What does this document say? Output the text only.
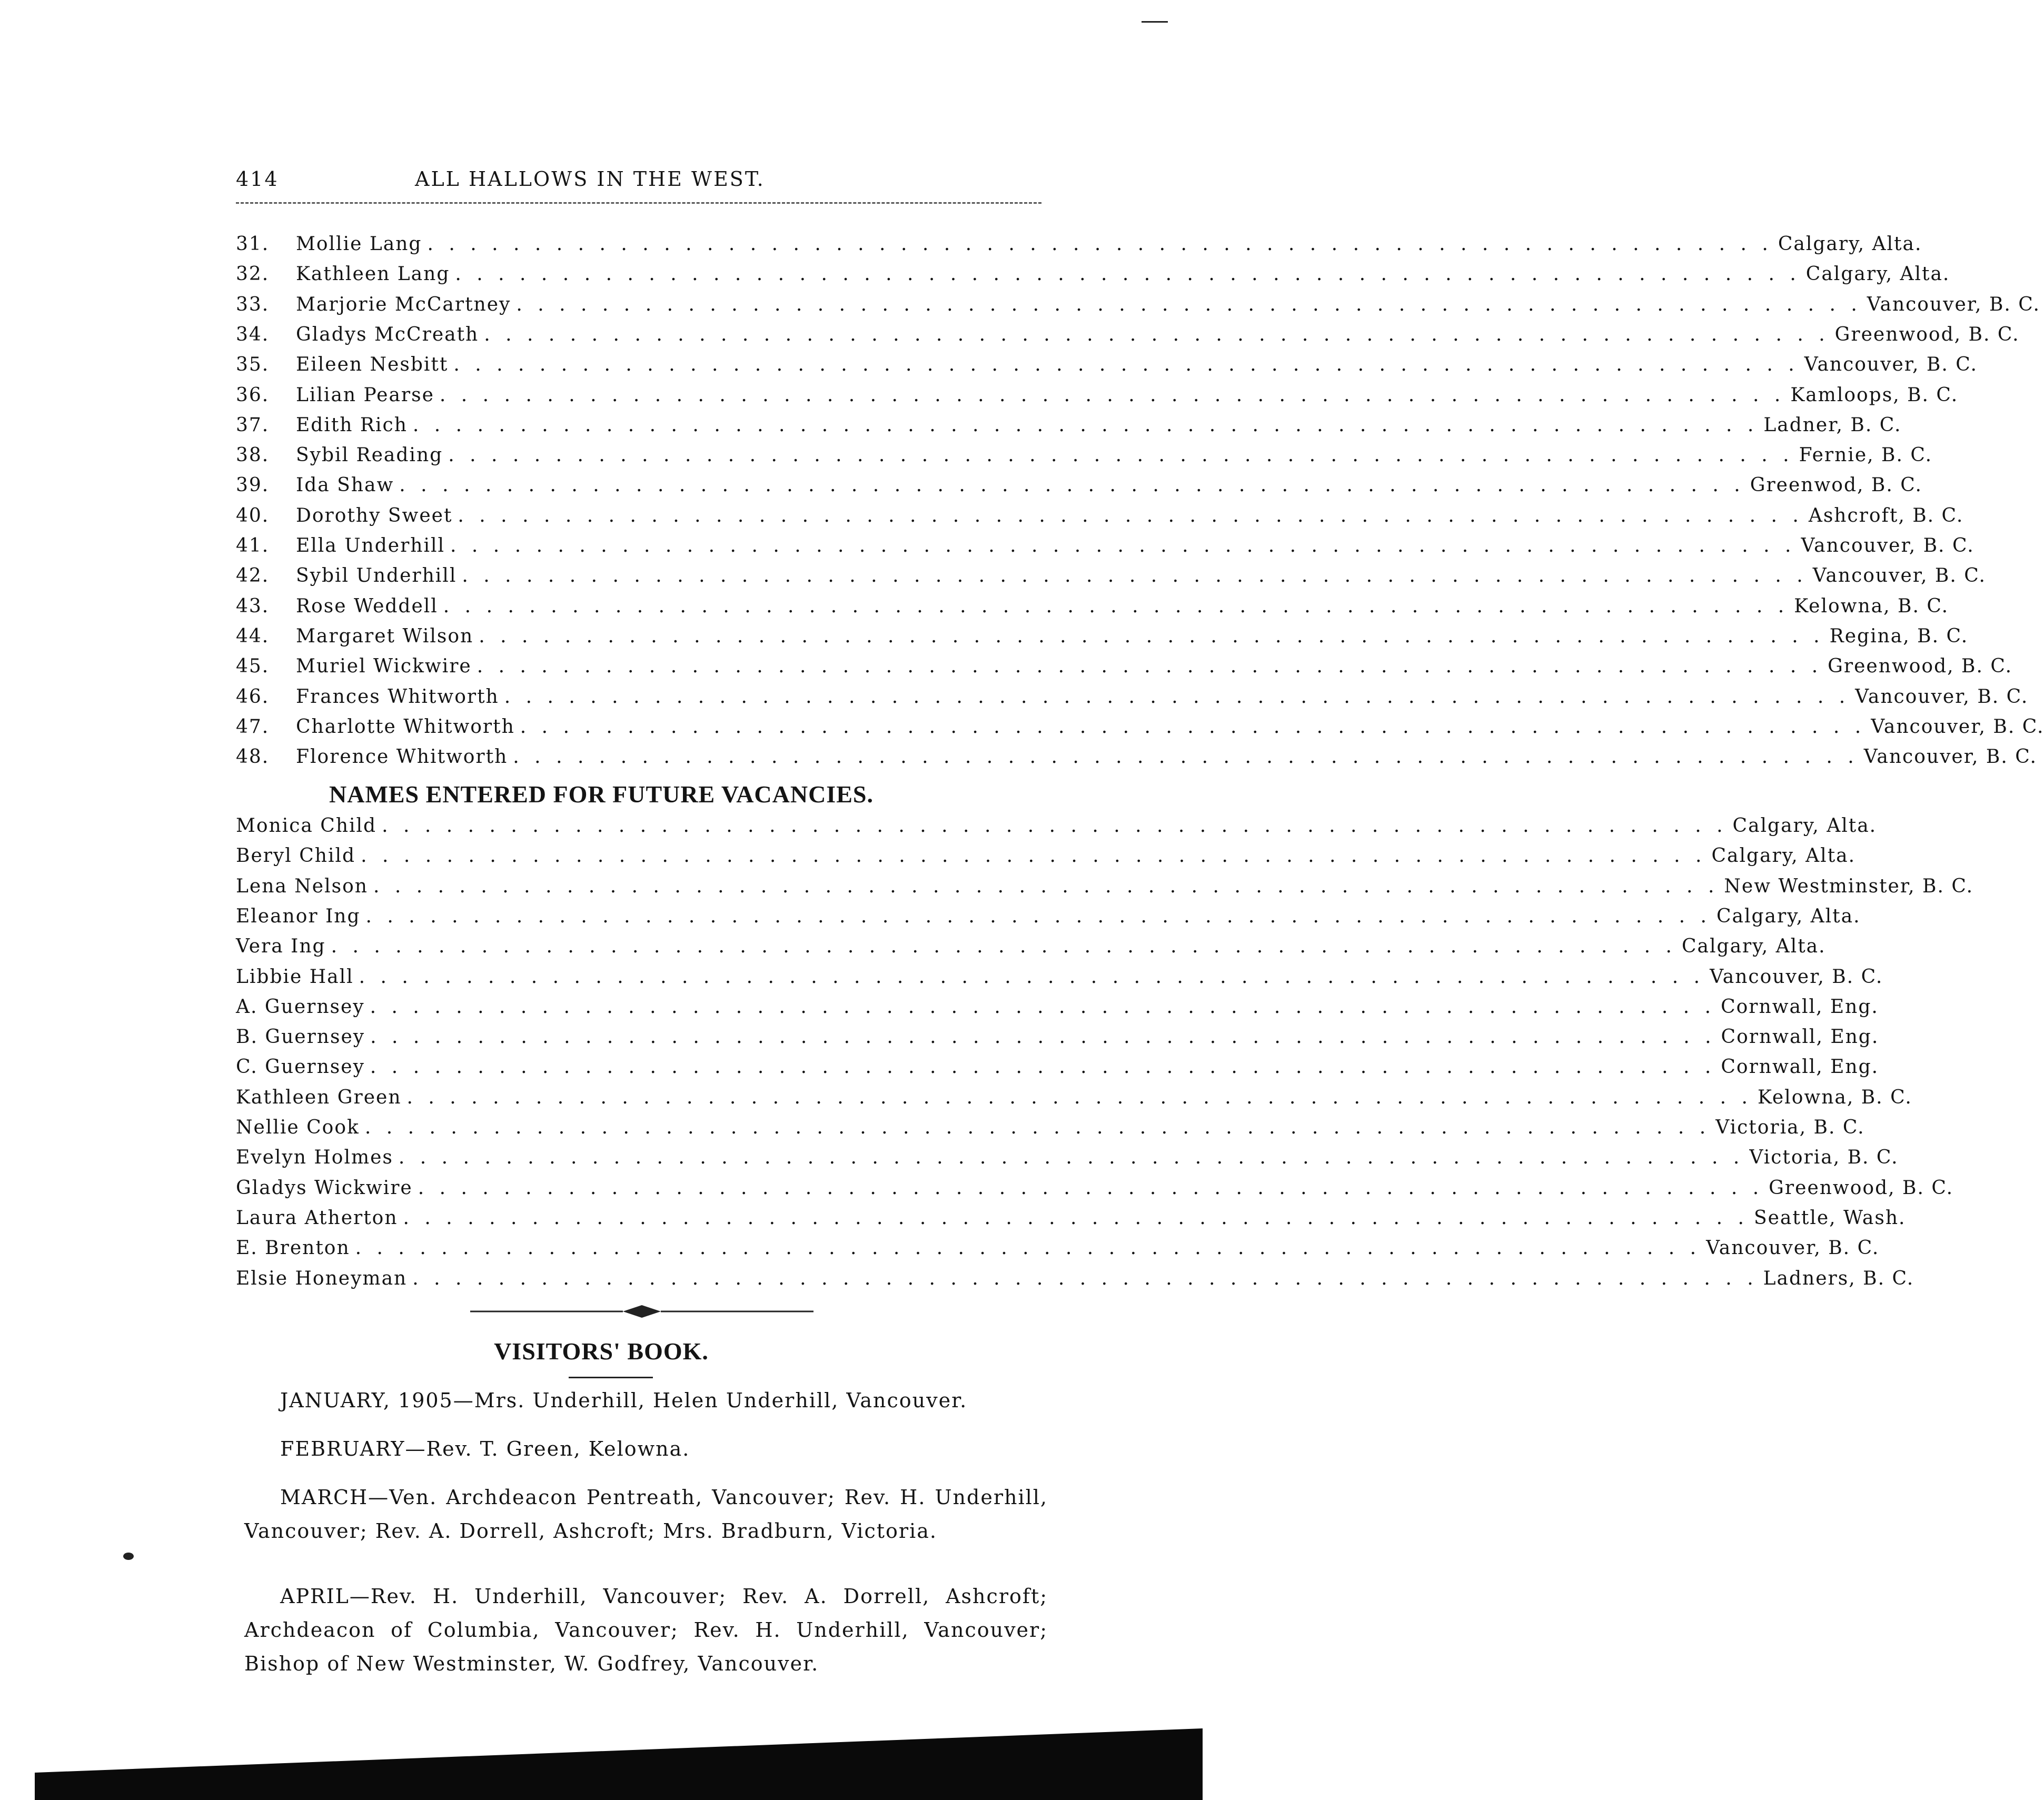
414	ALL HALLOWS IN THE WEST.
31.	Mollie Lang . . . . . . . . . . . . . . . . . . . . . . . . . . . . . . . . . . . . . . . . . . . . . . . . . . . . . . . . . . . . . . . Calgary, Alta.
32.	Kathleen Lang . . . . . . . . . . . . . . . . . . . . . . . . . . . . . . . . . . . . . . . . . . . . . . . . . . . . . . . . . . . . . . . Calgary, Alta.
33.	Marjorie McCartney . . . . . . . . . . . . . . . . . . . . . . . . . . . . . . . . . . . . . . . . . . . . . . . . . . . . . . . . . . . . . . . Vancouver, B. C.
34.	Gladys McCreath . . . . . . . . . . . . . . . . . . . . . . . . . . . . . . . . . . . . . . . . . . . . . . . . . . . . . . . . . . . . . . . Greenwood, B. C.
35.	Eileen Nesbitt . . . . . . . . . . . . . . . . . . . . . . . . . . . . . . . . . . . . . . . . . . . . . . . . . . . . . . . . . . . . . . . Vancouver, B. C.
36.	Lilian Pearse . . . . . . . . . . . . . . . . . . . . . . . . . . . . . . . . . . . . . . . . . . . . . . . . . . . . . . . . . . . . . . . Kamloops, B. C.
37.	Edith Rich . . . . . . . . . . . . . . . . . . . . . . . . . . . . . . . . . . . . . . . . . . . . . . . . . . . . . . . . . . . . . . . Ladner, B. C.
38.	Sybil Reading . . . . . . . . . . . . . . . . . . . . . . . . . . . . . . . . . . . . . . . . . . . . . . . . . . . . . . . . . . . . . . . Fernie, B. C.
39.	Ida Shaw . . . . . . . . . . . . . . . . . . . . . . . . . . . . . . . . . . . . . . . . . . . . . . . . . . . . . . . . . . . . . . . Greenwod, B. C.
40.	Dorothy Sweet . . . . . . . . . . . . . . . . . . . . . . . . . . . . . . . . . . . . . . . . . . . . . . . . . . . . . . . . . . . . . . . Ashcroft, B. C.
41.	Ella Underhill . . . . . . . . . . . . . . . . . . . . . . . . . . . . . . . . . . . . . . . . . . . . . . . . . . . . . . . . . . . . . . . Vancouver, B. C.
42.	Sybil Underhill . . . . . . . . . . . . . . . . . . . . . . . . . . . . . . . . . . . . . . . . . . . . . . . . . . . . . . . . . . . . . . . Vancouver, B. C.
43.	Rose Weddell . . . . . . . . . . . . . . . . . . . . . . . . . . . . . . . . . . . . . . . . . . . . . . . . . . . . . . . . . . . . . . . Kelowna, B. C.
44.	Margaret Wilson . . . . . . . . . . . . . . . . . . . . . . . . . . . . . . . . . . . . . . . . . . . . . . . . . . . . . . . . . . . . . . . Regina, B. C.
45.	Muriel Wickwire . . . . . . . . . . . . . . . . . . . . . . . . . . . . . . . . . . . . . . . . . . . . . . . . . . . . . . . . . . . . . . . Greenwood, B. C.
46.	Frances Whitworth . . . . . . . . . . . . . . . . . . . . . . . . . . . . . . . . . . . . . . . . . . . . . . . . . . . . . . . . . . . . . . . Vancouver, B. C.
47.	Charlotte Whitworth . . . . . . . . . . . . . . . . . . . . . . . . . . . . . . . . . . . . . . . . . . . . . . . . . . . . . . . . . . . . . . . Vancouver, B. C.
48.	Florence Whitworth . . . . . . . . . . . . . . . . . . . . . . . . . . . . . . . . . . . . . . . . . . . . . . . . . . . . . . . . . . . . . . . Vancouver, B. C.
NAMES ENTERED FOR FUTURE VACANCIES.
Monica Child . . . . . . . . . . . . . . . . . . . . . . . . . . . . . . . . . . . . . . . . . . . . . . . . . . . . . . . . . . . . . . . Calgary, Alta.
Beryl Child . . . . . . . . . . . . . . . . . . . . . . . . . . . . . . . . . . . . . . . . . . . . . . . . . . . . . . . . . . . . . . . Calgary, Alta.
Lena Nelson . . . . . . . . . . . . . . . . . . . . . . . . . . . . . . . . . . . . . . . . . . . . . . . . . . . . . . . . . . . . . . . New Westminster, B. C.
Eleanor Ing . . . . . . . . . . . . . . . . . . . . . . . . . . . . . . . . . . . . . . . . . . . . . . . . . . . . . . . . . . . . . . . Calgary, Alta.
Vera Ing . . . . . . . . . . . . . . . . . . . . . . . . . . . . . . . . . . . . . . . . . . . . . . . . . . . . . . . . . . . . . . . Calgary, Alta.
Libbie Hall . . . . . . . . . . . . . . . . . . . . . . . . . . . . . . . . . . . . . . . . . . . . . . . . . . . . . . . . . . . . . . . Vancouver, B. C.
A. Guernsey . . . . . . . . . . . . . . . . . . . . . . . . . . . . . . . . . . . . . . . . . . . . . . . . . . . . . . . . . . . . . . . Cornwall, Eng.
B. Guernsey . . . . . . . . . . . . . . . . . . . . . . . . . . . . . . . . . . . . . . . . . . . . . . . . . . . . . . . . . . . . . . . Cornwall, Eng.
C. Guernsey . . . . . . . . . . . . . . . . . . . . . . . . . . . . . . . . . . . . . . . . . . . . . . . . . . . . . . . . . . . . . . . Cornwall, Eng.
Kathleen Green . . . . . . . . . . . . . . . . . . . . . . . . . . . . . . . . . . . . . . . . . . . . . . . . . . . . . . . . . . . . . . . Kelowna, B. C.
Nellie Cook . . . . . . . . . . . . . . . . . . . . . . . . . . . . . . . . . . . . . . . . . . . . . . . . . . . . . . . . . . . . . . . Victoria, B. C.
Evelyn Holmes . . . . . . . . . . . . . . . . . . . . . . . . . . . . . . . . . . . . . . . . . . . . . . . . . . . . . . . . . . . . . . . Victoria, B. C.
Gladys Wickwire . . . . . . . . . . . . . . . . . . . . . . . . . . . . . . . . . . . . . . . . . . . . . . . . . . . . . . . . . . . . . . . Greenwood, B. C.
Laura Atherton . . . . . . . . . . . . . . . . . . . . . . . . . . . . . . . . . . . . . . . . . . . . . . . . . . . . . . . . . . . . . . . Seattle, Wash.
E. Brenton . . . . . . . . . . . . . . . . . . . . . . . . . . . . . . . . . . . . . . . . . . . . . . . . . . . . . . . . . . . . . . . Vancouver, B. C.
Elsie Honeyman . . . . . . . . . . . . . . . . . . . . . . . . . . . . . . . . . . . . . . . . . . . . . . . . . . . . . . . . . . . . . . . Ladners, B. C.
VISITORS' BOOK.
JANUARY, 1905—Mrs. Underhill, Helen Underhill, Vancouver.
FEBRUARY—Rev. T. Green, Kelowna.
MARCH—Ven. Archdeacon Pentreath, Vancouver; Rev. H. Underhill, Vancouver; Rev. A. Dorrell, Ashcroft; Mrs. Bradburn, Victoria.
APRIL—Rev. H. Underhill, Vancouver; Rev. A. Dorrell, Ashcroft; Archdeacon of Columbia, Vancouver; Rev. H. Underhill, Vancouver; Bishop of New Westminster, W. Godfrey, Vancouver.
